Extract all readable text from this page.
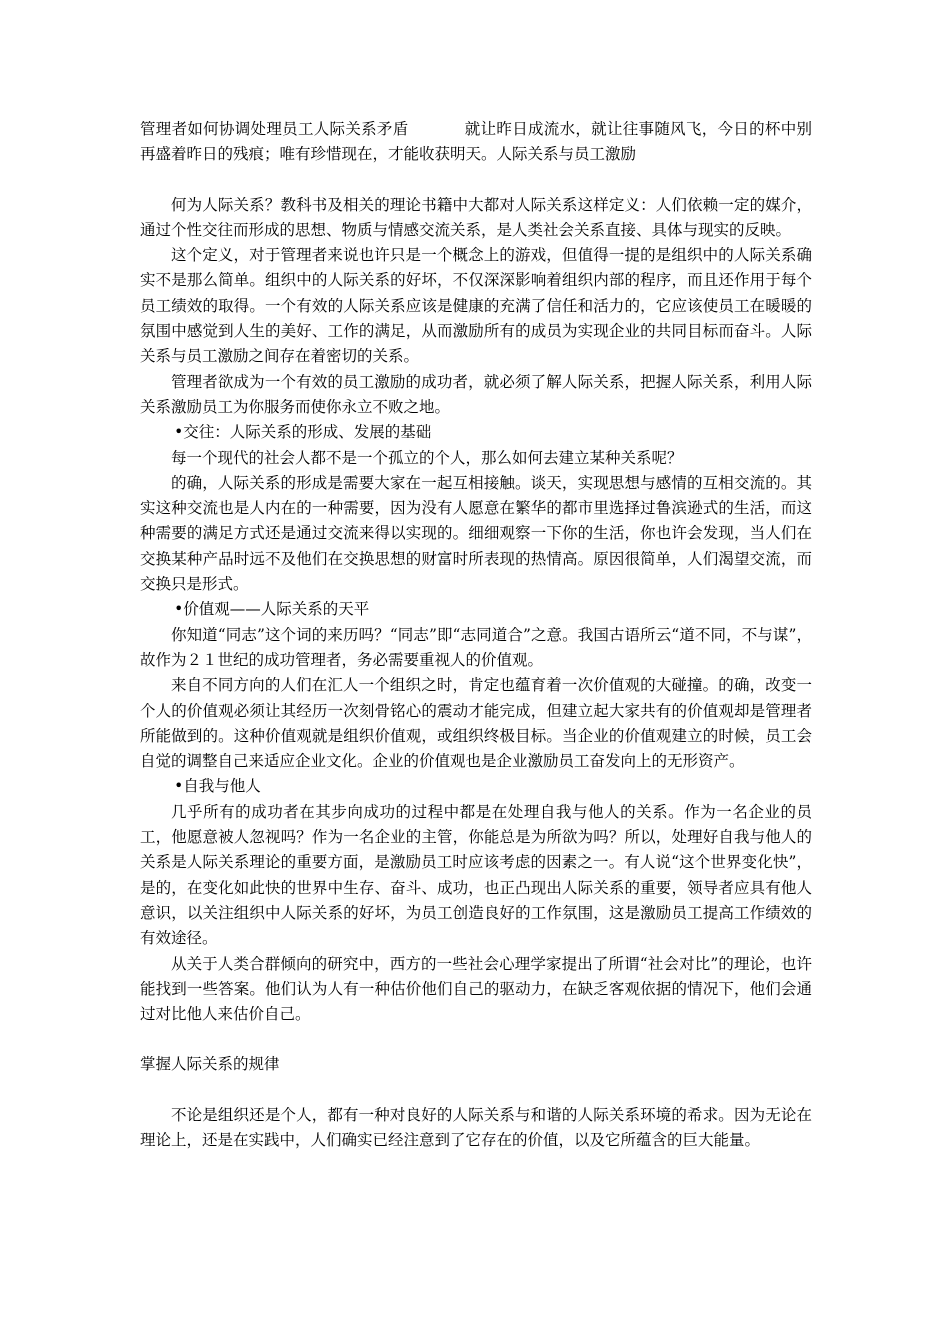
管理者如何协调处理员工人际关系矛盾	就让昨日成流水，就让往事随风飞，今日的杯中别再盛着昨日的残痕；唯有珍惜现在，才能收获明天。人际关系与员工激励

何为人际关系？教科书及相关的理论书籍中大都对人际关系这样定义：人们依赖一定的媒介，通过个性交往而形成的思想、物质与情感交流关系，是人类社会关系直接、具体与现实的反映。

这个定义，对于管理者来说也许只是一个概念上的游戏，但值得一提的是组织中的人际关系确实不是那么简单。组织中的人际关系的好坏，不仅深深影响着组织内部的程序，而且还作用于每个员工绩效的取得。一个有效的人际关系应该是健康的充满了信任和活力的，它应该使员工在暖暖的氛围中感觉到人生的美好、工作的满足，从而激励所有的成员为实现企业的共同目标而奋斗。人际关系与员工激励之间存在着密切的关系。

管理者欲成为一个有效的员工激励的成功者，就必须了解人际关系，把握人际关系，利用人际关系激励员工为你服务而使你永立不败之地。

•交往：人际关系的形成、发展的基础

每一个现代的社会人都不是一个孤立的个人，那么如何去建立某种关系呢？

的确，人际关系的形成是需要大家在一起互相接触。谈天，实现思想与感情的互相交流的。其实这种交流也是人内在的一种需要，因为没有人愿意在繁华的都市里选择过鲁滨逊式的生活，而这种需要的满足方式还是通过交流来得以实现的。细细观察一下你的生活，你也许会发现，当人们在交换某种产品时远不及他们在交换思想的财富时所表现的热情高。原因很简单，人们渴望交流，而交换只是形式。

•价值观——人际关系的天平

你知道“同志”这个词的来历吗？“同志”即“志同道合”之意。我国古语所云“道不同，不与谋”，故作为２１世纪的成功管理者，务必需要重视人的价值观。

来自不同方向的人们在汇人一个组织之时，肯定也蕴育着一次价值观的大碰撞。的确，改变一个人的价值观必须让其经历一次刻骨铭心的震动才能完成，但建立起大家共有的价值观却是管理者所能做到的。这种价值观就是组织价值观，或组织终极目标。当企业的价值观建立的时候，员工会自觉的调整自己来适应企业文化。企业的价值观也是企业激励员工奋发向上的无形资产。

•自我与他人

几乎所有的成功者在其步向成功的过程中都是在处理自我与他人的关系。作为一名企业的员工，他愿意被人忽视吗？作为一名企业的主管，你能总是为所欲为吗？所以，处理好自我与他人的关系是人际关系理论的重要方面，是激励员工时应该考虑的因素之一。有人说“这个世界变化快”，是的，在变化如此快的世界中生存、奋斗、成功，也正凸现出人际关系的重要，领导者应具有他人意识，以关注组织中人际关系的好坏，为员工创造良好的工作氛围，这是激励员工提高工作绩效的有效途径。

从关于人类合群倾向的研究中，西方的一些社会心理学家提出了所谓“社会对比”的理论，也许能找到一些答案。他们认为人有一种估价他们自己的驱动力，在缺乏客观依据的情况下，他们会通过对比他人来估价自己。

掌握人际关系的规律

不论是组织还是个人，都有一种对良好的人际关系与和谐的人际关系环境的希求。因为无论在理论上，还是在实践中，人们确实已经注意到了它存在的价值，以及它所蕴含的巨大能量。
